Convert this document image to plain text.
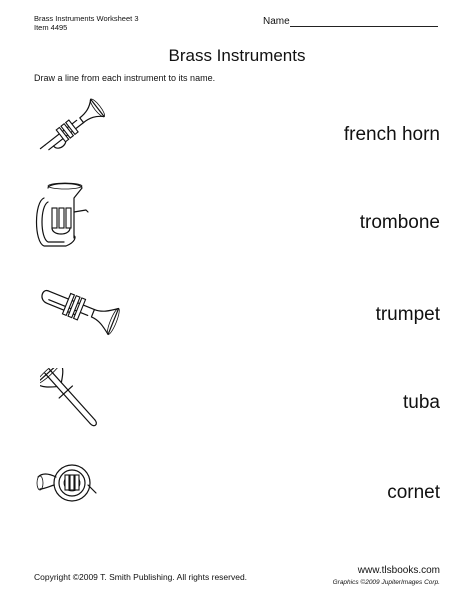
Brass Instruments Worksheet 3
Item 4495
Name
Brass Instruments
Draw a line from each instrument to its name.
french horn
trombone
trumpet
tuba
cornet
Copyright ©2009 T. Smith Publishing. All rights reserved.
www.tlsbooks.com
Graphics ©2009 JupiterImages Corp.
